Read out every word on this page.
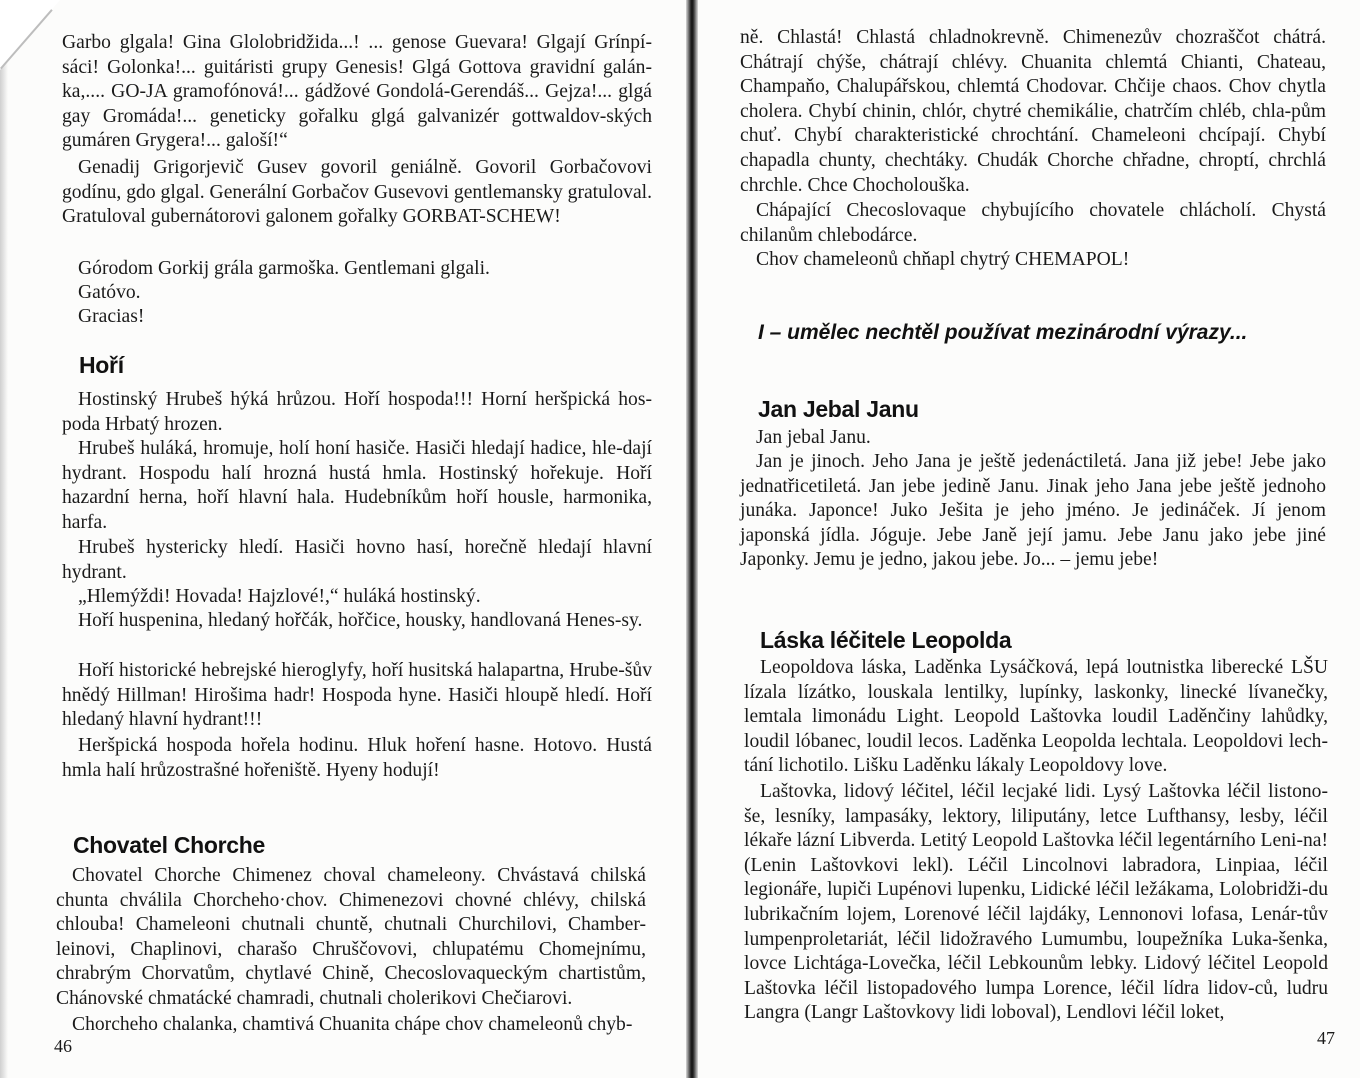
Garbo glgala! Gina Glolobridžida...! ... genose Guevara! Glgají Grínpí-sáci! Golonka!... guitáristi grupy Genesis! Glgá Gottova gravidní galán-ka,.... GO-JA gramofónová!... gádžové Gondolá-Gerendáš... Gejza!... glgá gay Gromáda!... geneticky gořalku glgá galvanizér gottwaldov-ských gumáren Grygera!... galoší!“

Genadij Grigorjevič Gusev govoril geniálně. Govoril Gorbačovovi godínu, gdo glgal. Generální Gorbačov Gusevovi gentlemansky gratuloval. Gratuloval gubernátorovi galonem gořalky GORBAT-SCHEW!

Górodom Gorkij grála garmoška. Gentlemani glgali.

Gatóvo.

Gracias!

Hoří

Hostinský Hrubeš hýká hrůzou. Hoří hospoda!!! Horní heršpická hos-poda Hrbatý hrozen.

Hrubeš huláká, hromuje, holí honí hasiče. Hasiči hledají hadice, hle-dají hydrant. Hospodu halí hrozná hustá hmla. Hostinský hořekuje. Hoří hazardní herna, hoří hlavní hala. Hudebníkům hoří housle, harmonika, harfa.

Hrubeš hystericky hledí. Hasiči hovno hasí, horečně hledají hlavní hydrant.

„Hlemýždi! Hovada! Hajzlové!,“ huláká hostinský.

Hoří huspenina, hledaný hořčák, hořčice, housky, handlovaná Henes-sy.

Hoří historické hebrejské hieroglyfy, hoří husitská halapartna, Hrube-šův hnědý Hillman! Hirošima hadr! Hospoda hyne. Hasiči hloupě hledí. Hoří hledaný hlavní hydrant!!!

Heršpická hospoda hořela hodinu. Hluk hoření hasne. Hotovo. Hustá hmla halí hrůzostrašné hořeniště. Hyeny hodují!

Chovatel Chorche

Chovatel Chorche Chimenez choval chameleony. Chvástavá chilská chunta chválila Chorcheho·chov. Chimenezovi chovné chlévy, chilská chlouba! Chameleoni chutnali chuntě, chutnali Churchilovi, Chamber-leinovi, Chaplinovi, charašo Chruščovovi, chlupatému Chomejnímu, chrabrým Chorvatům, chytlavé Chině, Checoslovaqueckým chartistům, Chánovské chmatácké chamradi, chutnali cholerikovi Chečiarovi.

Chorcheho chalanka, chamtivá Chuanita chápe chov chameleonů chyb-

46

ně. Chlastá! Chlastá chladnokrevně. Chimenezův chozraščot chátrá. Chátrají chýše, chátrají chlévy. Chuanita chlemtá Chianti, Chateau, Champaňo, Chalupářskou, chlemtá Chodovar. Chčije chaos. Chov chytla cholera. Chybí chinin, chlór, chytré chemikálie, chatrčím chléb, chla-pům chuť. Chybí charakteristické chrochtání. Chameleoni chcípají. Chybí chapadla chunty, chechtáky. Chudák Chorche chřadne, chroptí, chrchlá chrchle. Chce Chocholouška.

Chápající Checoslovaque chybujícího chovatele chlácholí. Chystá chilanům chlebodárce.

Chov chameleonů chňapl chytrý CHEMAPOL!

I – umělec nechtěl používat mezinárodní výrazy...
Jan Jebal Janu

Jan jebal Janu.

Jan je jinoch. Jeho Jana je ještě jedenáctiletá. Jana již jebe! Jebe jako jednatřicetiletá. Jan jebe jedině Janu. Jinak jeho Jana jebe ještě jednoho junáka. Japonce! Juko Ješita je jeho jméno. Je jedináček. Jí jenom japonská jídla. Jóguje. Jebe Janě její jamu. Jebe Janu jako jebe jiné Japonky. Jemu je jedno, jakou jebe. Jo... – jemu jebe!

Láska léčitele Leopolda

Leopoldova láska, Laděnka Lysáčková, lepá loutnistka liberecké LŠU lízala lízátko, louskala lentilky, lupínky, laskonky, linecké lívanečky, lemtala limonádu Light. Leopold Laštovka loudil Laděnčiny lahůdky, loudil lóbanec, loudil lecos. Laděnka Leopolda lechtala. Leopoldovi lech-tání lichotilo. Lišku Laděnku lákaly Leopoldovy love.

Laštovka, lidový léčitel, léčil lecjaké lidi. Lysý Laštovka léčil listono-še, lesníky, lampasáky, lektory, liliputány, letce Lufthansy, lesby, léčil lékaře lázní Libverda. Letitý Leopold Laštovka léčil legentárního Leni-na! (Lenin Laštovkovi lekl). Léčil Lincolnovi labradora, Linpiaa, léčil legionáře, lupiči Lupénovi lupenku, Lidické léčil ležákama, Lolobridži-du lubrikačním lojem, Lorenové léčil lajdáky, Lennonovi lofasa, Lenár-tův lumpenproletariát, léčil lidožravého Lumumbu, loupežníka Luka-šenka, lovce Lichtága-Lovečka, léčil Lebkounům lebky. Lidový léčitel Leopold Laštovka léčil listopadového lumpa Lorence, léčil lídra lidov-ců, ludru Langra (Langr Laštovkovy lidi loboval), Lendlovi léčil loket,

47
